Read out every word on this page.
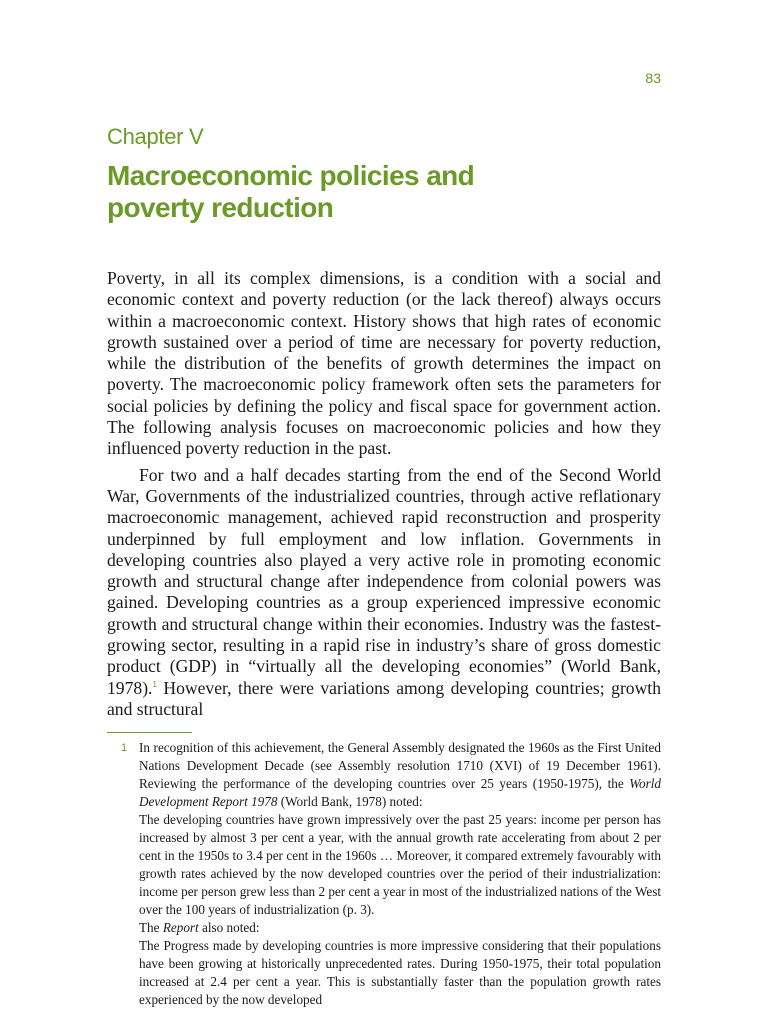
83
Chapter V
Macroeconomic policies and
poverty reduction

Poverty, in all its complex dimensions, is a condition with a social and economic context and poverty reduction (or the lack thereof) always occurs within a macroeconomic context. History shows that high rates of economic growth sustained over a period of time are necessary for poverty reduction, while the distribution of the benefits of growth determines the impact on poverty. The macroeconomic policy framework often sets the parameters for social policies by defining the policy and fiscal space for government action. The following analysis focuses on macroeconomic policies and how they influenced poverty reduction in the past.

For two and a half decades starting from the end of the Second World War, Governments of the industrialized countries, through active reflationary macroeconomic management, achieved rapid reconstruction and prosperity underpinned by full employment and low inflation. Governments in developing countries also played a very active role in promoting economic growth and structural change after independence from colonial powers was gained. Developing countries as a group experienced impressive economic growth and structural change within their economies. Industry was the fastest-growing sector, resulting in a rapid rise in industry’s share of gross domestic product (GDP) in “virtually all the developing economies” (World Bank, 1978).$^1$ However, there were variations among developing countries; growth and structural

1 In recognition of this achievement, the General Assembly designated the 1960s as the First United Nations Development Decade (see Assembly resolution 1710 (XVI) of 19 December 1961). Reviewing the performance of the developing countries over 25 years (1950-1975), the World Development Report 1978 (World Bank, 1978) noted:

The developing countries have grown impressively over the past 25 years: income per person has increased by almost 3 per cent a year, with the annual growth rate accelerating from about 2 per cent in the 1950s to 3.4 per cent in the 1960s … Moreover, it compared extremely favourably with growth rates achieved by the now developed countries over the period of their industrialization: income per person grew less than 2 per cent a year in most of the industrialized nations of the West over the 100 years of industrialization (p. 3).

The Report also noted:

The Progress made by developing countries is more impressive considering that their populations have been growing at historically unprecedented rates. During 1950-1975, their total population increased at 2.4 per cent a year. This is substantially faster than the population growth rates experienced by the now developed
